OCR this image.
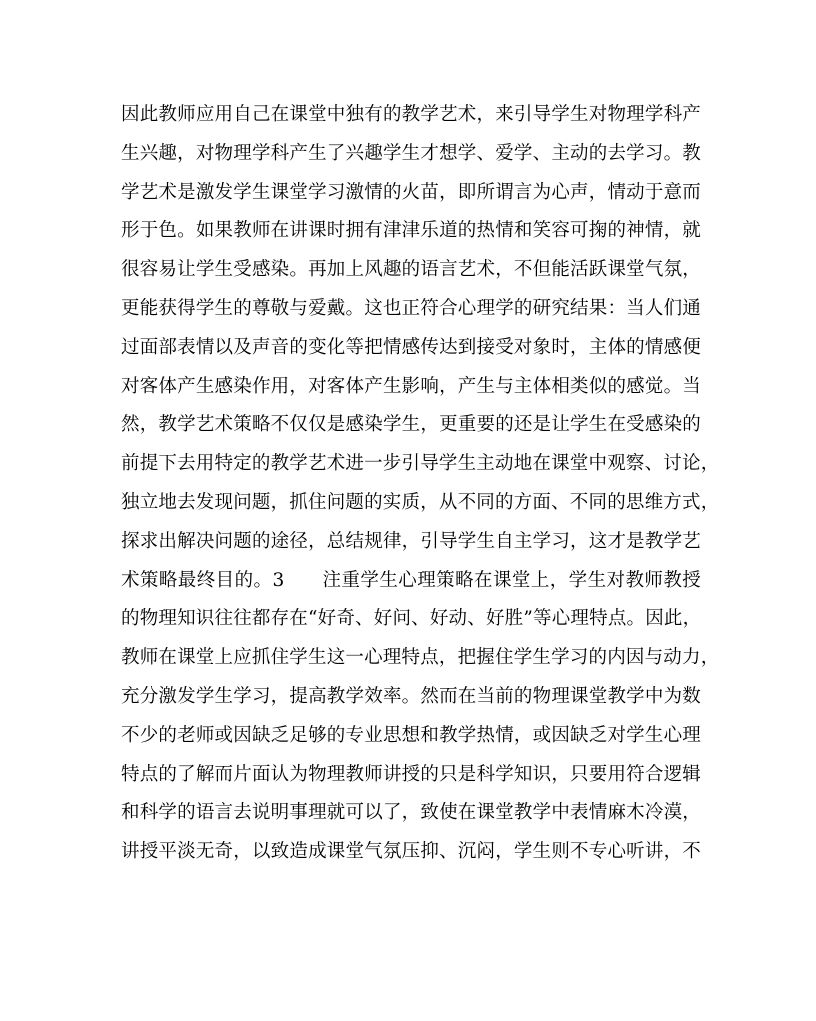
因此教师应用自己在课堂中独有的教学艺术，来引导学生对物理学科产
生兴趣，对物理学科产生了兴趣学生才想学、爱学、主动的去学习。教
学艺术是激发学生课堂学习激情的火苗，即所谓言为心声，情动于意而
形于色。如果教师在讲课时拥有津津乐道的热情和笑容可掬的神情，就
很容易让学生受感染。再加上风趣的语言艺术，不但能活跃课堂气氛，
更能获得学生的尊敬与爱戴。这也正符合心理学的研究结果：当人们通
过面部表情以及声音的变化等把情感传达到接受对象时，主体的情感便
对客体产生感染作用，对客体产生影响，产生与主体相类似的感觉。当
然，教学艺术策略不仅仅是感染学生，更重要的还是让学生在受感染的
前提下去用特定的教学艺术进一步引导学生主动地在课堂中观察、讨论，
独立地去发现问题，抓住问题的实质，从不同的方面、不同的思维方式，
探求出解决问题的途径，总结规律，引导学生自主学习，这才是教学艺
术策略最终目的。3　　注重学生心理策略在课堂上，学生对教师教授
的物理知识往往都存在“好奇、好问、好动、好胜”等心理特点。因此，
教师在课堂上应抓住学生这一心理特点，把握住学生学习的内因与动力，
充分激发学生学习，提高教学效率。然而在当前的物理课堂教学中为数
不少的老师或因缺乏足够的专业思想和教学热情，或因缺乏对学生心理
特点的了解而片面认为物理教师讲授的只是科学知识，只要用符合逻辑
和科学的语言去说明事理就可以了，致使在课堂教学中表情麻木冷漠，
讲授平淡无奇，以致造成课堂气氛压抑、沉闷，学生则不专心听讲，不
